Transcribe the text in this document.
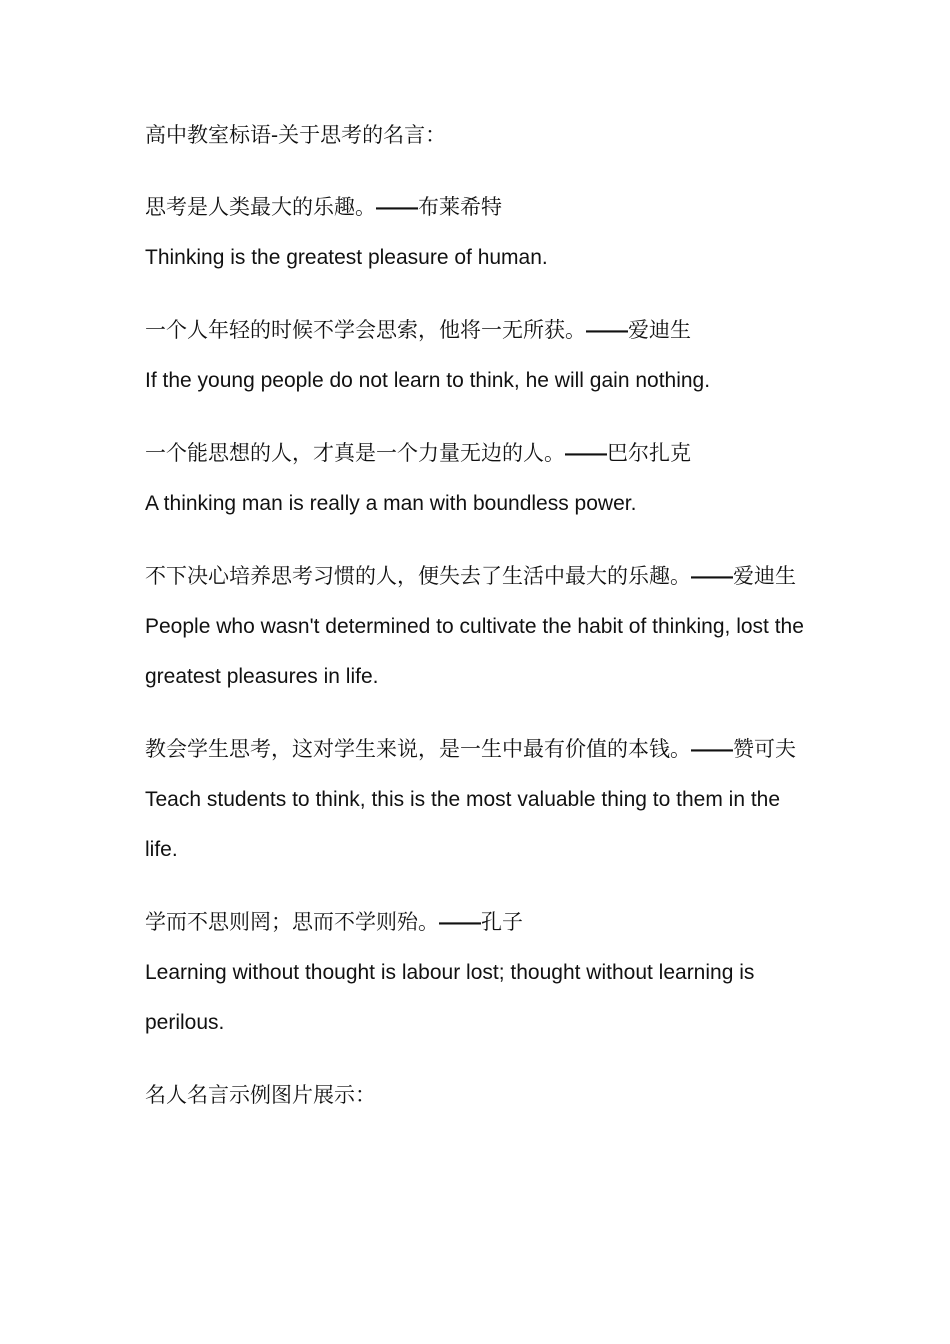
高中教室标语-关于思考的名言：

思考是人类最大的乐趣。——布莱希特

Thinking is the greatest pleasure of human.

一个人年轻的时候不学会思索，他将一无所获。——爱迪生

If the young people do not learn to think, he will gain nothing.

一个能思想的人，才真是一个力量无边的人。——巴尔扎克

A thinking man is really a man with boundless power.

不下决心培养思考习惯的人，便失去了生活中最大的乐趣。——爱迪生

People who wasn't determined to cultivate the habit of thinking, lost the greatest pleasures in life.

教会学生思考，这对学生来说，是一生中最有价值的本钱。——赞可夫

Teach students to think, this is the most valuable thing to them in the life.

学而不思则罔；思而不学则殆。——孔子

Learning without thought is labour lost; thought without learning is perilous.

名人名言示例图片展示：
